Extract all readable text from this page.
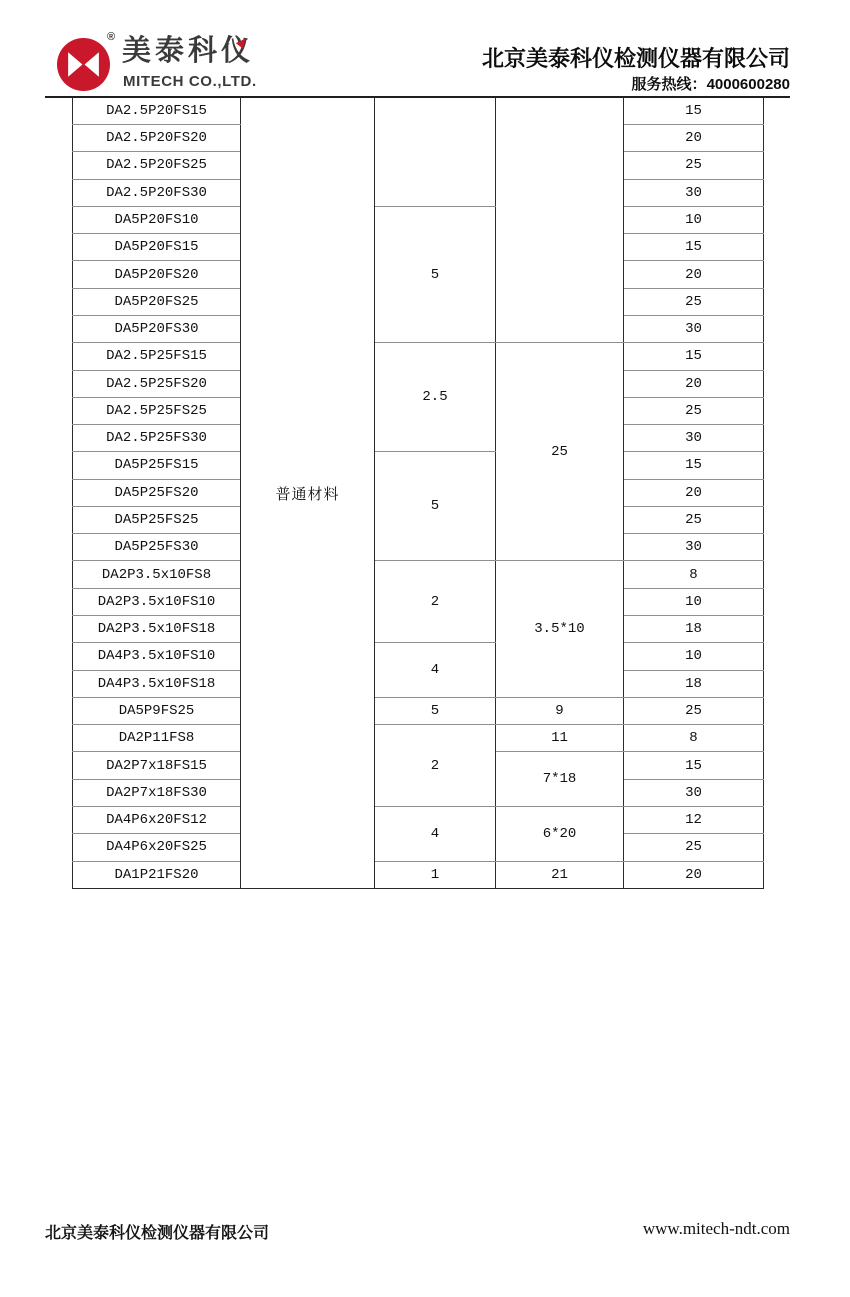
® 美泰科仪
MITECH CO.,LTD.
北京美泰科仪检测仪器有限公司
服务热线：4000600280
DA2.5P20FS15	普通材料			15
DA2.5P20FS20				20
DA2.5P20FS25				25
DA2.5P20FS30				30
DA5P20FS10		5		10
DA5P20FS15				15
DA5P20FS20				20
DA5P20FS25				25
DA5P20FS30				30
DA2.5P25FS15		2.5	25	15
DA2.5P25FS20				20
DA2.5P25FS25				25
DA2.5P25FS30				30
DA5P25FS15		5		15
DA5P25FS20				20
DA5P25FS25				25
DA5P25FS30				30
DA2P3.5x10FS8		2	3.5*10	8
DA2P3.5x10FS10				10
DA2P3.5x10FS18				18
DA4P3.5x10FS10		4		10
DA4P3.5x10FS18				18
DA5P9FS25		5	9	25
DA2P11FS8		2	11	8
DA2P7x18FS15			7*18	15
DA2P7x18FS30				30
DA4P6x20FS12		4	6*20	12
DA4P6x20FS25				25
DA1P21FS20		1	21	20
北京美泰科仪检测仪器有限公司	www.mitech-ndt.com
